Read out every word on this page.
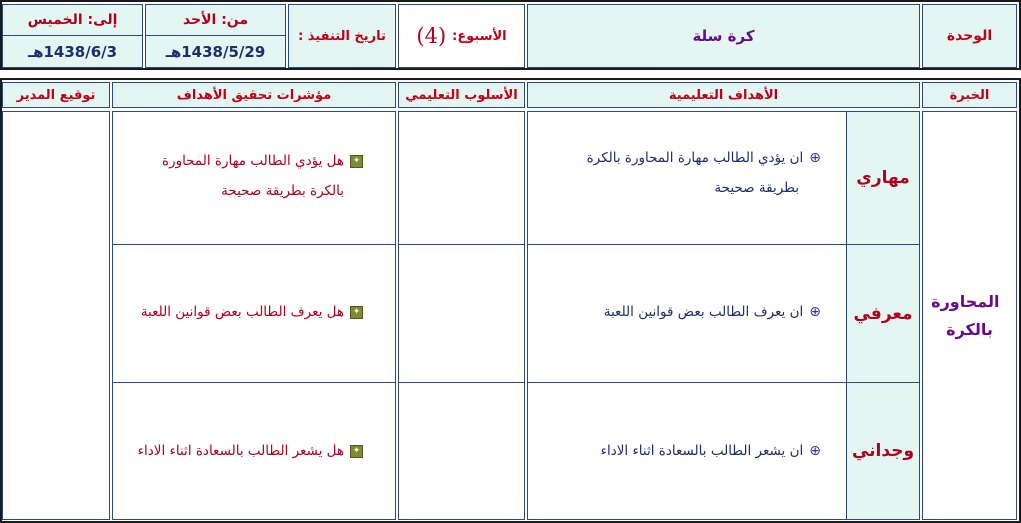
الوحدة
كرة سلة
الأسبوع:
(4)
تاريخ التنفيذ :
من: الأحد
1438/5/29هـ
إلى: الخميس
1438/6/3هـ
الخبرة
الأهداف التعليمية
الأسلوب التعليمي
مؤشرات تحقيق الأهداف
توقيع المدير
المحاورة بالكرة
مهاري
معرفي
وجداني
⊕ان يؤدي الطالب مهارة المحاورة بالكرة
بطريقة صحيحة
⊕ان يعرف الطالب بعض قوانين اللعبة
⊕ان يشعر الطالب بالسعادة اثناء الاداء
✦هل يؤدي الطالب مهارة المحاورة
بالكرة بطريقة صحيحة
✦هل يعرف الطالب بعض قوانين اللعبة
✦هل يشعر الطالب بالسعادة اثناء الاداء
